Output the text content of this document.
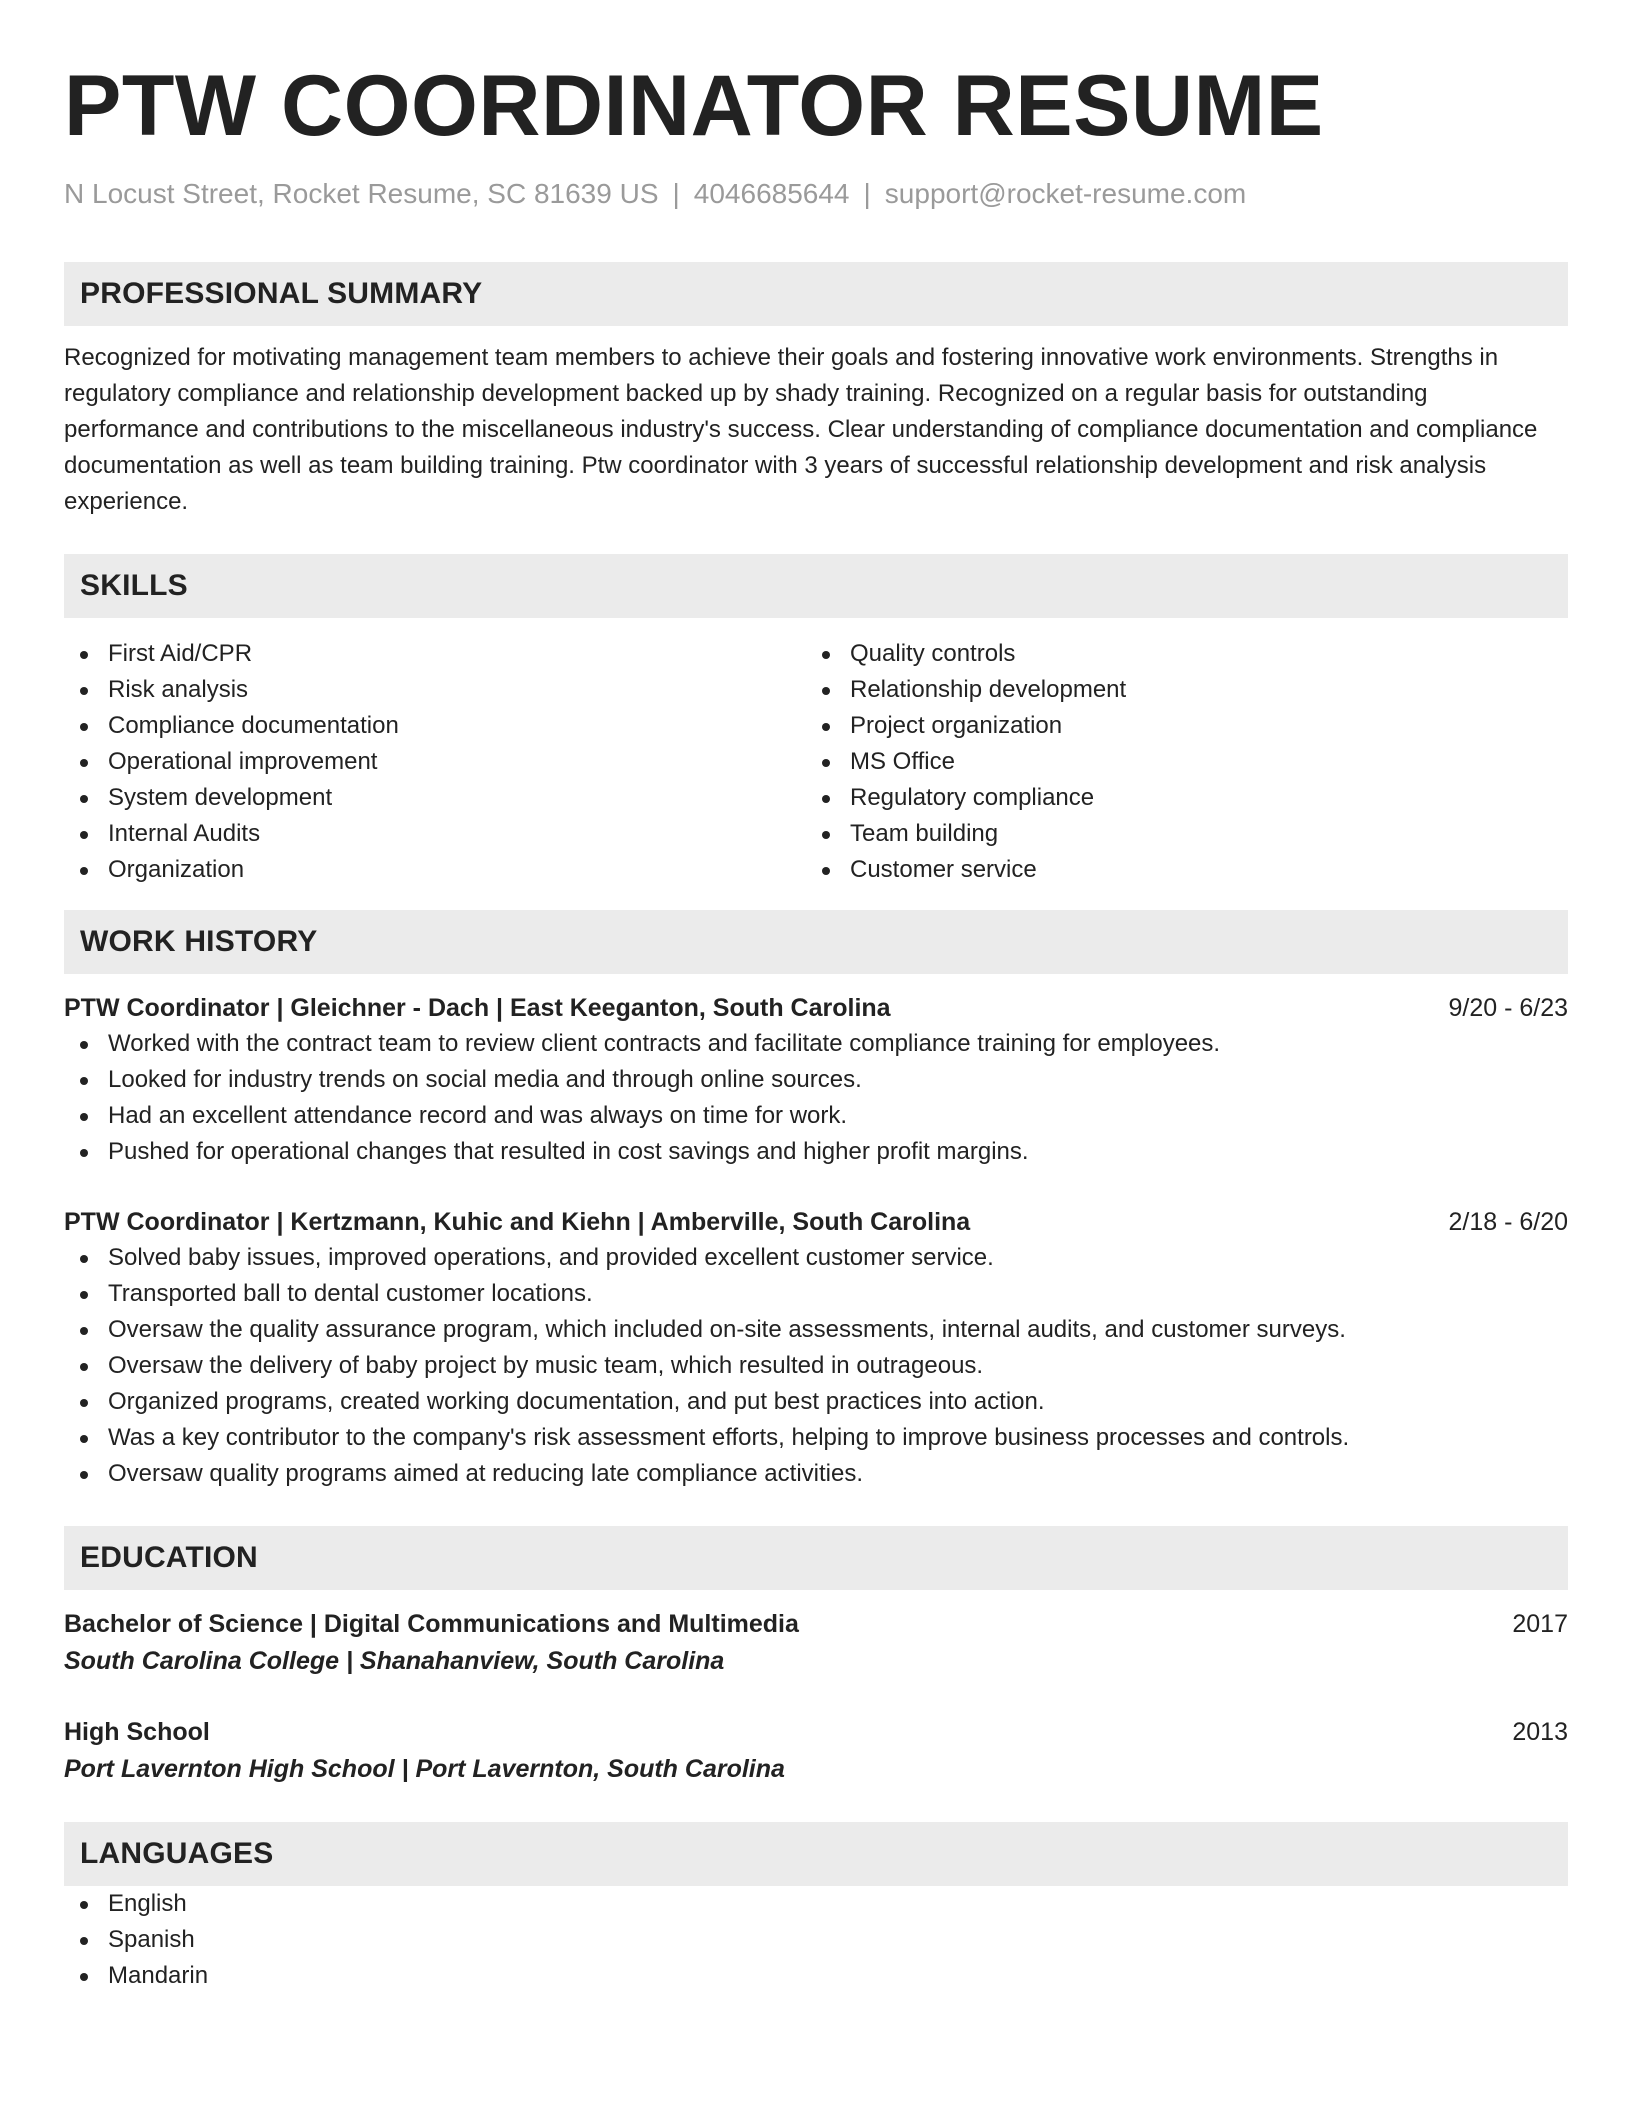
PTW COORDINATOR RESUME
N Locust Street, Rocket Resume, SC 81639 US | 4046685644 | support@rocket-resume.com
PROFESSIONAL SUMMARY
Recognized for motivating management team members to achieve their goals and fostering innovative work environments. Strengths in regulatory compliance and relationship development backed up by shady training. Recognized on a regular basis for outstanding performance and contributions to the miscellaneous industry's success. Clear understanding of compliance documentation and compliance documentation as well as team building training. Ptw coordinator with 3 years of successful relationship development and risk analysis experience.
SKILLS
First Aid/CPR
Risk analysis
Compliance documentation
Operational improvement
System development
Internal Audits
Organization
Quality controls
Relationship development
Project organization
MS Office
Regulatory compliance
Team building
Customer service
WORK HISTORY
PTW Coordinator | Gleichner - Dach | East Keeganton, South Carolina	9/20 - 6/23
Worked with the contract team to review client contracts and facilitate compliance training for employees.
Looked for industry trends on social media and through online sources.
Had an excellent attendance record and was always on time for work.
Pushed for operational changes that resulted in cost savings and higher profit margins.
PTW Coordinator | Kertzmann, Kuhic and Kiehn | Amberville, South Carolina	2/18 - 6/20
Solved baby issues, improved operations, and provided excellent customer service.
Transported ball to dental customer locations.
Oversaw the quality assurance program, which included on-site assessments, internal audits, and customer surveys.
Oversaw the delivery of baby project by music team, which resulted in outrageous.
Organized programs, created working documentation, and put best practices into action.
Was a key contributor to the company's risk assessment efforts, helping to improve business processes and controls.
Oversaw quality programs aimed at reducing late compliance activities.
EDUCATION
Bachelor of Science | Digital Communications and Multimedia	2017
South Carolina College | Shanahanview, South Carolina
High School	2013
Port Lavernton High School | Port Lavernton, South Carolina
LANGUAGES
English
Spanish
Mandarin
